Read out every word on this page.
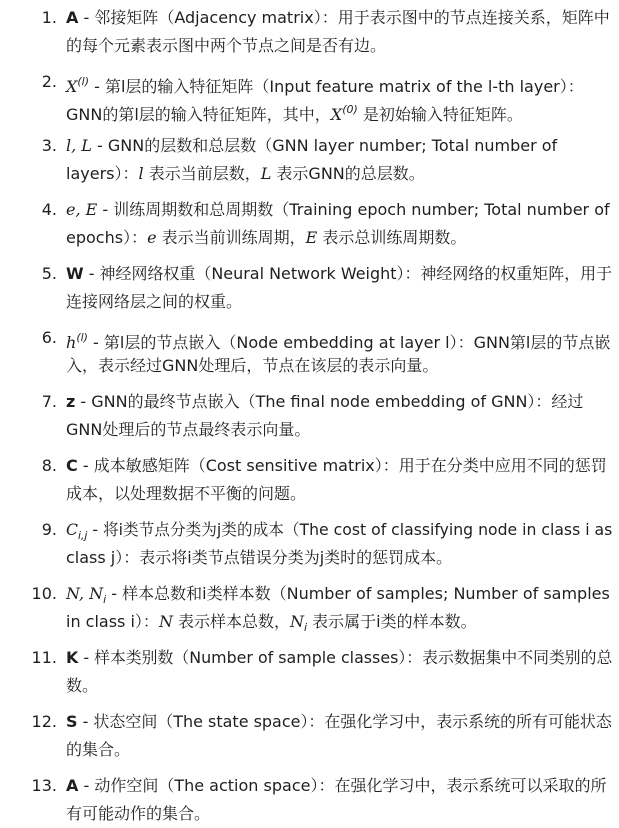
1. A - 邻接矩阵（Adjacency matrix）：用于表示图中的节点连接关系，矩阵中
的每个元素表示图中两个节点之间是否有边。
2. $X^{(l)}$ - 第l层的输入特征矩阵（Input feature matrix of the l-th layer）：
GNN的第l层的输入特征矩阵，其中，$X^{(0)}$ 是初始输入特征矩阵。
3. l, L - GNN的层数和总层数（GNN layer number; Total number of
layers）：l 表示当前层数，L 表示GNN的总层数。
4. e, E - 训练周期数和总周期数（Training epoch number; Total number of
epochs）：e 表示当前训练周期，E 表示总训练周期数。
5. W - 神经网络权重（Neural Network Weight）：神经网络的权重矩阵，用于
连接网络层之间的权重。
6. $h^{(l)}$ - 第l层的节点嵌入（Node embedding at layer l）：GNN第l层的节点嵌
入，表示经过GNN处理后，节点在该层的表示向量。
7. z - GNN的最终节点嵌入（The final node embedding of GNN）：经过
GNN处理后的节点最终表示向量。
8. C - 成本敏感矩阵（Cost sensitive matrix）：用于在分类中应用不同的惩罚
成本，以处理数据不平衡的问题。
9. $C_{i,j}$ - 将i类节点分类为j类的成本（The cost of classifying node in class i as
class j）：表示将i类节点错误分类为j类时的惩罚成本。
10. N, $N_i$ - 样本总数和i类样本数（Number of samples; Number of samples
in class i）：N 表示样本总数，$N_i$ 表示属于i类的样本数。
11. K - 样本类别数（Number of sample classes）：表示数据集中不同类别的总
数。
12. S - 状态空间（The state space）：在强化学习中，表示系统的所有可能状态
的集合。
13. A - 动作空间（The action space）：在强化学习中，表示系统可以采取的所
有可能动作的集合。
